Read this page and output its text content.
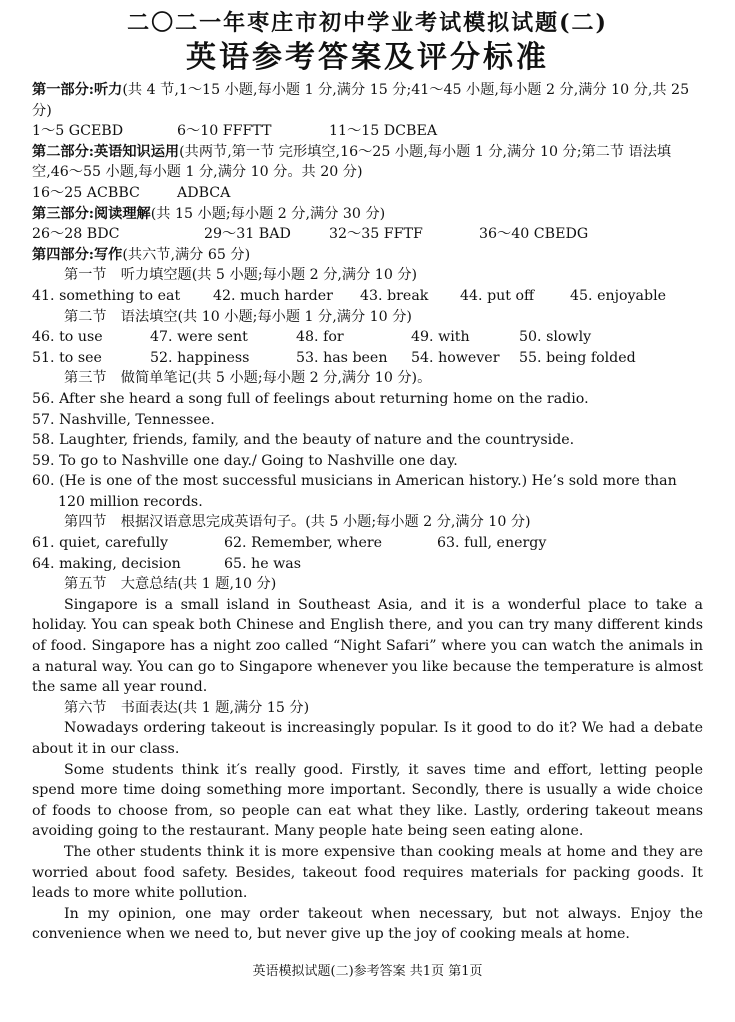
二〇二一年枣庄市初中学业考试模拟试题(二)
英语参考答案及评分标准
第一部分:听力(共 4 节,1～15 小题,每小题 1 分,满分 15 分;41～45 小题,每小题 2 分,满分 10 分,共 25 分)
1～5 GCEBD	6～10 FFFTT	11～15 DCBEA
第二部分:英语知识运用(共两节,第一节 完形填空,16～25 小题,每小题 1 分,满分 10 分;第二节 语法填空,46～55 小题,每小题 1 分,满分 10 分。共 20 分)
16～25 ACBBC	ADBCA
第三部分:阅读理解(共 15 小题;每小题 2 分,满分 30 分)
26～28 BDC	29～31 BAD	32～35 FFTF	36～40 CBEDG
第四部分:写作(共六节,满分 65 分)
第一节　听力填空题(共 5 小题;每小题 2 分,满分 10 分)
41. something to eat 42. much harder 43. break 44. put off	45. enjoyable
第二节　语法填空(共 10 小题;每小题 1 分,满分 10 分)
46. to use	47. were sent	48. for	49. with	50. slowly
51. to see	52. happiness	53. has been 54. however 55. being folded
第三节　做简单笔记(共 5 小题;每小题 2 分,满分 10 分)。
56. After she heard a song full of feelings about returning home on the radio.
57. Nashville, Tennessee.
58. Laughter, friends, family, and the beauty of nature and the countryside.
59. To go to Nashville one day./ Going to Nashville one day.
60. (He is one of the most successful musicians in American history.) He’s sold more than 120 million records.
第四节　根据汉语意思完成英语句子。(共 5 小题;每小题 2 分,满分 10 分)
61. quiet, carefully	62. Remember, where	63. full, energy
64. making, decision	65. he was
第五节　大意总结(共 1 题,10 分)
Singapore is a small island in Southeast Asia, and it is a wonderful place to take a holiday. You can speak both Chinese and English there, and you can try many different kinds of food. Singapore has a night zoo called “Night Safari” where you can watch the animals in a natural way. You can go to Singapore whenever you like because the temperature is almost the same all year round.
第六节　书面表达(共 1 题,满分 15 分)
Nowadays ordering takeout is increasingly popular. Is it good to do it? We had a debate about it in our class.
Some students think it′s really good. Firstly, it saves time and effort, letting people spend more time doing something more important. Secondly, there is usually a wide choice of foods to choose from, so people can eat what they like. Lastly, ordering takeout means avoiding going to the restaurant. Many people hate being seen eating alone.
The other students think it is more expensive than cooking meals at home and they are worried about food safety. Besides, takeout food requires materials for packing goods. It leads to more white pollution.
In my opinion, one may order takeout when necessary, but not always. Enjoy the convenience when we need to, but never give up the joy of cooking meals at home.
英语模拟试题(二)参考答案 共1页 第1页
